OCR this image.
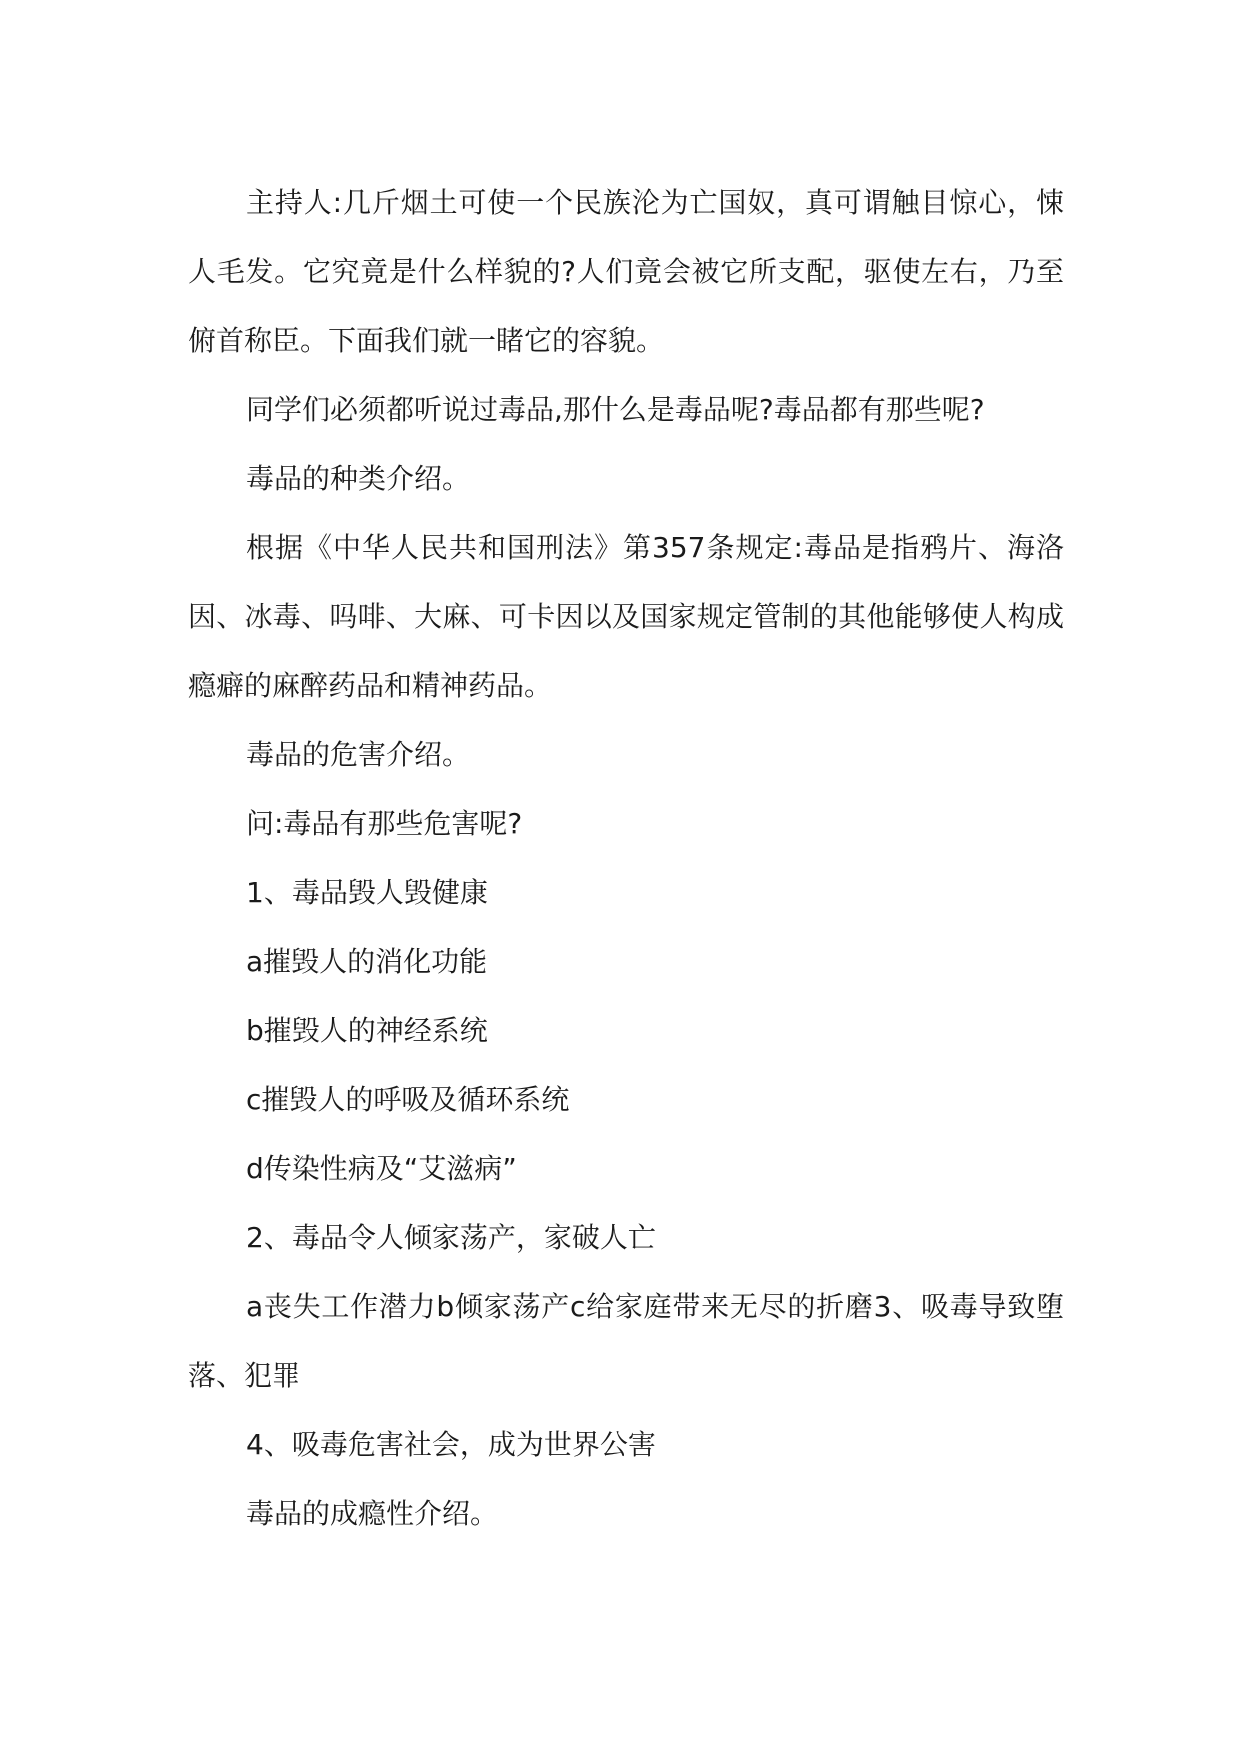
主持人:几斤烟土可使一个民族沦为亡国奴，真可谓触目惊心，悚人毛发。它究竟是什么样貌的?人们竟会被它所支配，驱使左右，乃至俯首称臣。下面我们就一睹它的容貌。

同学们必须都听说过毒品,那什么是毒品呢?毒品都有那些呢?

毒品的种类介绍。

根据《中华人民共和国刑法》第357条规定:毒品是指鸦片、海洛因、冰毒、吗啡、大麻、可卡因以及国家规定管制的其他能够使人构成瘾癖的麻醉药品和精神药品。

毒品的危害介绍。

问:毒品有那些危害呢?

1、毒品毁人毁健康

a摧毁人的消化功能

b摧毁人的神经系统

c摧毁人的呼吸及循环系统

d传染性病及“艾滋病”

2、毒品令人倾家荡产，家破人亡

a丧失工作潜力b倾家荡产c给家庭带来无尽的折磨3、吸毒导致堕落、犯罪

4、吸毒危害社会，成为世界公害

毒品的成瘾性介绍。
